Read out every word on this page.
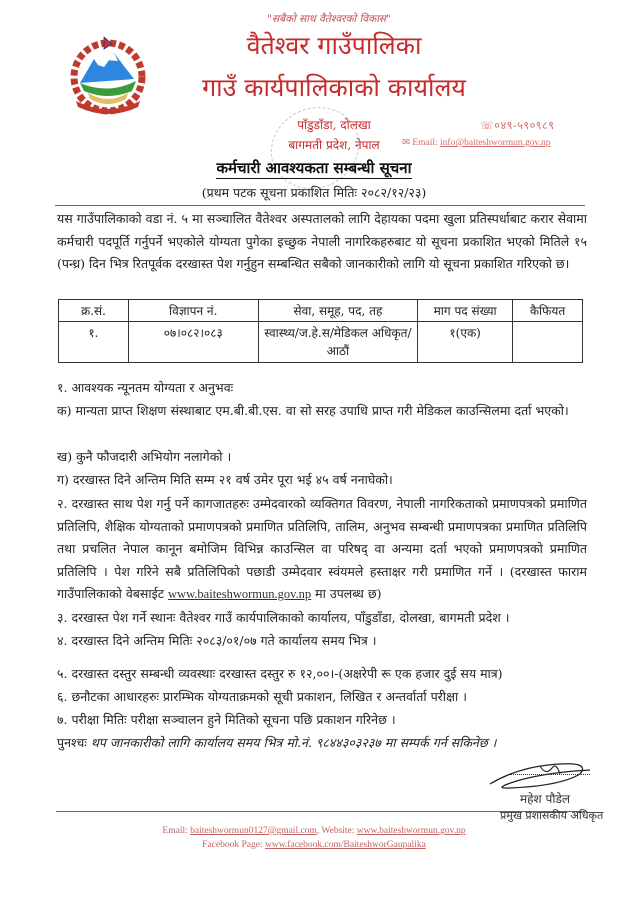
"सबैको साथ वैतेश्वरको विकास"
वैतेश्वर गाउँपालिका
गाउँ कार्यपालिकाको कार्यालय
पाँडुडाँडा, दोलखा
बागमती प्रदेश, नेपाल
☏०४९-५९०९८९
✉ Email: info@baiteshwormun.gov.np
कर्मचारी आवश्यकता सम्बन्धी सूचना
(प्रथम पटक सूचना प्रकाशित मितिः २०८२/१२/२३)
यस गाउँपालिकाको वडा नं. ५ मा सञ्चालित वैतेश्वर अस्पतालको लागि देहायका पदमा खुला प्रतिस्पर्धाबाट करार सेवामा कर्मचारी पदपूर्ति गर्नुपर्ने भएकोले योग्यता पुगेका इच्छुक नेपाली नागरिकहरुबाट यो सूचना प्रकाशित भएको मितिले १५ (पन्ध्र) दिन भित्र रितपूर्वक दरखास्त पेश गर्नुहुन सम्बन्धित सबैको जानकारीको लागि यो सूचना प्रकाशित गरिएको छ।
क्र.सं.	विज्ञापन नं.	सेवा, समूह, पद, तह	माग पद संख्या	कैफियत
१.	०७।०८२।०८३	स्वास्थ्य/ज.हे.स/मेडिकल अधिकृत/आठौं	१(एक)	
१. आवश्यक न्यूनतम योग्यता र अनुभवः
क) मान्यता प्राप्त शिक्षण संस्थाबाट एम.बी.बी.एस. वा सो सरह उपाधि प्राप्त गरी मेडिकल काउन्सिलमा दर्ता भएको।
ख) कुनै फौजदारी अभियोग नलागेको ।
ग) दरखास्त दिने अन्तिम मिति सम्म २१ वर्ष उमेर पूरा भई ४५ वर्ष ननाघेको।
२. दरखास्त साथ पेश गर्नु पर्ने कागजातहरुः उम्मेदवारको व्यक्तिगत विवरण, नेपाली नागरिकताको प्रमाणपत्रको प्रमाणित प्रतिलिपि, शैक्षिक योग्यताको प्रमाणपत्रको प्रमाणित प्रतिलिपि, तालिम, अनुभव सम्बन्धी प्रमाणपत्रका प्रमाणित प्रतिलिपि तथा प्रचलित नेपाल कानून बमोजिम विभिन्न काउन्सिल वा परिषद् वा अन्यमा दर्ता भएको प्रमाणपत्रको प्रमाणित प्रतिलिपि । पेश गरिने सबै प्रतिलिपिको पछाडी उम्मेदवार स्वंयमले हस्ताक्षर गरी प्रमाणित गर्ने । (दरखास्त फाराम गाउँपालिकाको वेबसाईट www.baiteshwormun.gov.np मा उपलब्ध छ)
३. दरखास्त पेश गर्ने स्थानः वैतेश्वर गाउँ कार्यपालिकाको कार्यालय, पाँडुडाँडा, दोलखा, बागमती प्रदेश ।
४. दरखास्त दिने अन्तिम मितिः २०८३/०१/०७ गते कार्यालय समय भित्र ।
५. दरखास्त दस्तुर सम्बन्धी व्यवस्थाः दरखास्त दस्तुर रु १२,००।-(अक्षरेपी रू एक हजार दुई सय मात्र)
६. छनौटका आधारहरुः प्रारम्भिक योग्यताक्रमको सूची प्रकाशन, लिखित र अन्तर्वार्ता परीक्षा ।
७. परीक्षा मितिः परीक्षा सञ्चालन हुने मितिको सूचना पछि प्रकाशन गरिनेछ ।
पुनश्चः थप जानकारीको लागि कार्यालय समय भित्र मो.नं. ९८४४३०३२३७ मा सम्पर्क गर्न सकिनेछ ।
महेश पौडेल
प्रमुख प्रशासकीय अधिकृत
Email: baiteshwormun0127@gmail.com, Website: www.baiteshwormun.gov.np
Facebook Page: www.facebook.com/BaiteshworGaupalika
